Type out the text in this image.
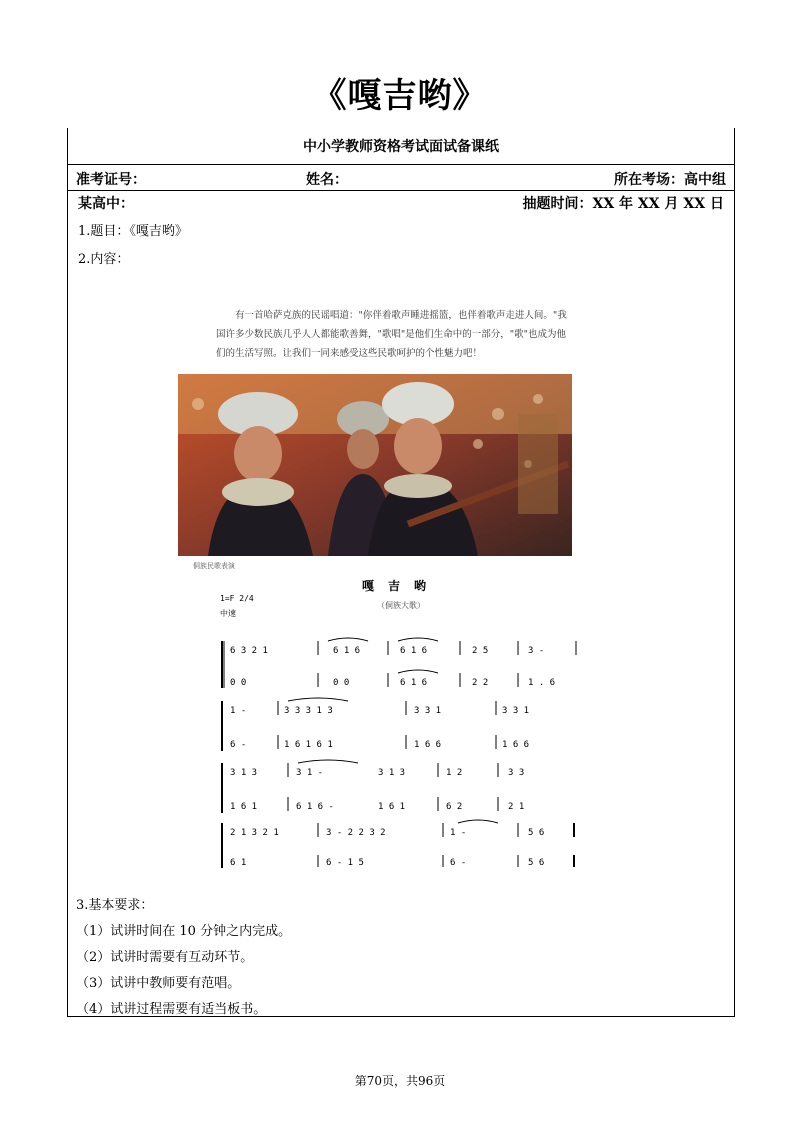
《嘎吉哟》
中小学教师资格考试面试备课纸
准考证号：	姓名：	所在考场：高中组
某高中：	抽题时间：XX 年 XX 月 XX 日
1.题目：《嘎吉哟》
2.内容：
有一首哈萨克族的民谣唱道："你伴着歌声睡进摇篮，也伴着歌声走进人间。"我国许多少数民族几乎人人都能歌善舞，"歌唱"是他们生命中的一部分，"歌"也成为他们的生活写照。让我们一同来感受这些民歌呵护的个性魅力吧！
侗族民歌表演
嘎吉哟
1=F 2/4
（侗族大歌）
中速
6 3 2 1	6 1 6	6 1 6	2 5	3 -
0 0	0 0	6 1 6	2 2	1 . 6
1 -	3 3 3 1 3	3 3 1	3 3 1
6 -	1 6 1 6 1	1 6 6	1 6 6
3 1 3	3 1 -	3 1 3	1 2	3 3
1 6 1	6 1 6 -	1 6 1	6 2	2 1
2 1 3 2 1	3 - 2 2 3 2	1 -	5 6
6 1	6 - 1 5	6 -	5 6
3.基本要求：
（1）试讲时间在 10 分钟之内完成。
（2）试讲时需要有互动环节。
（3）试讲中教师要有范唱。
（4）试讲过程需要有适当板书。
第70页，共96页
